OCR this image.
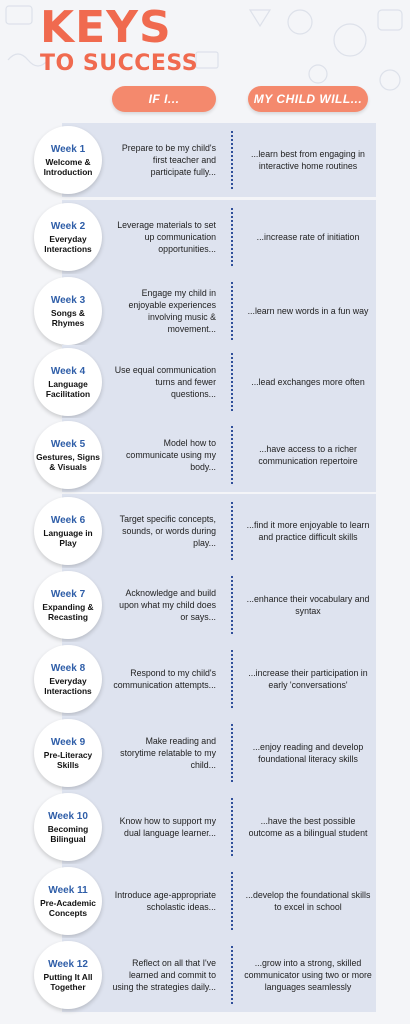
KEYS
TO SUCCESS
IF I...	MY CHILD WILL...
Week 1
Welcome & Introduction
Prepare to be my child's first teacher and participate fully...
...learn best from engaging in interactive home routines
Week 2
Everyday Interactions
Leverage materials to set up communication opportunities...
...increase rate of initiation
Week 3
Songs & Rhymes
Engage my child in enjoyable experiences involving music & movement...
...learn new words in a fun way
Week 4
Language Facilitation
Use equal communication turns and fewer questions...
...lead exchanges more often
Week 5
Gestures, Signs & Visuals
Model how to communicate using my body...
...have access to a richer communication repertoire
Week 6
Language in Play
Target specific concepts, sounds, or words during play...
...find it more enjoyable to learn and practice difficult skills
Week 7
Expanding & Recasting
Acknowledge and build upon what my child does or says...
...enhance their vocabulary and syntax
Week 8
Everyday Interactions
Respond to my child's communication attempts...
...increase their participation in early 'conversations'
Week 9
Pre-Literacy Skills
Make reading and storytime relatable to my child...
...enjoy reading and develop foundational literacy skills
Week 10
Becoming Bilingual
Know how to support my dual language learner...
...have the best possible outcome as a bilingual student
Week 11
Pre-Academic Concepts
Introduce age-appropriate scholastic ideas...
...develop the foundational skills to excel in school
Week 12
Putting It All Together
Reflect on all that I've learned and commit to using the strategies daily...
...grow into a strong, skilled communicator using two or more languages seamlessly
